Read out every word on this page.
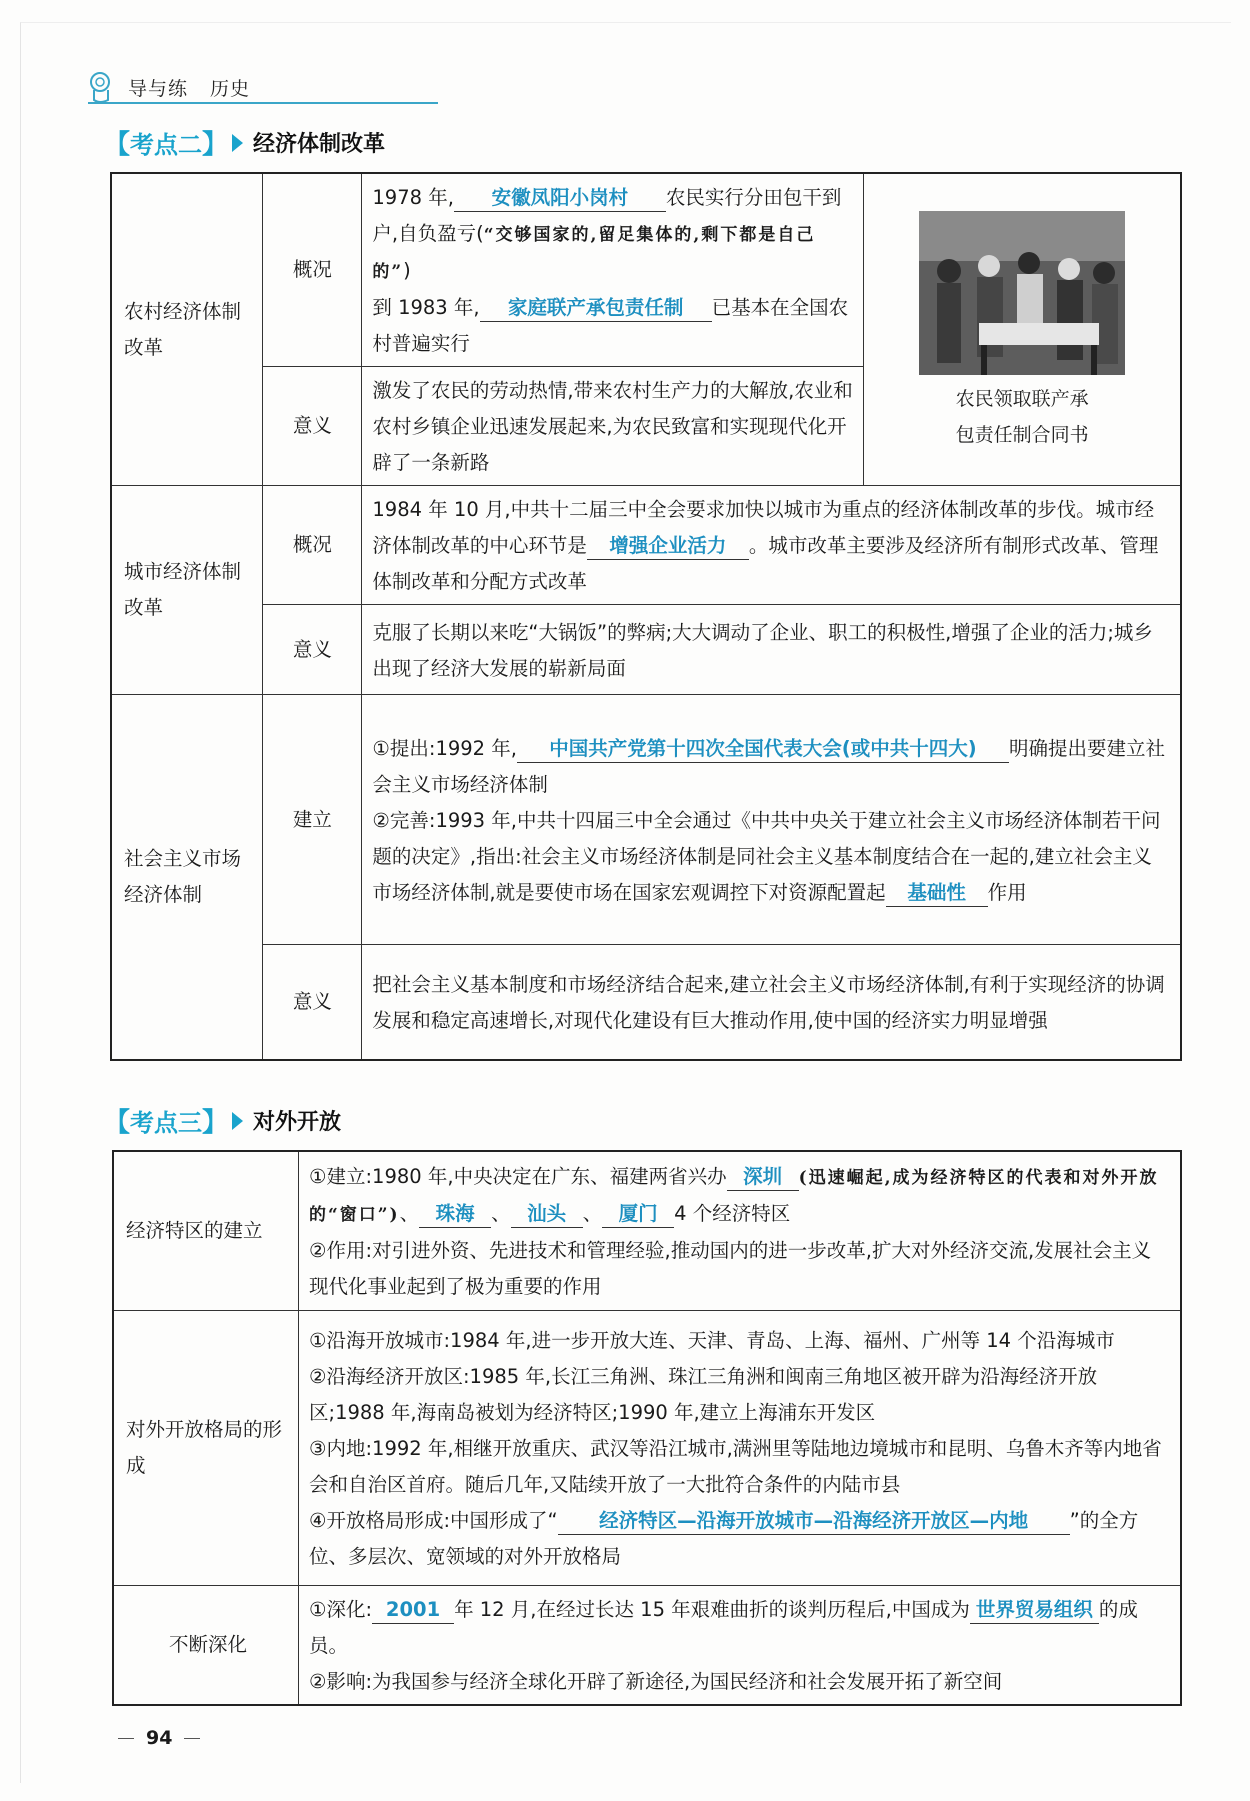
导与练 历史
【 考点二 】 经济体制改革
农村经济体制改革	概况	1978 年, 安徽凤阳小岗村 农民实行分田包干到户,自负盈亏(“交够国家的,留足集体的,剩下都是自己的”)
到 1983 年, 家庭联产承包责任制 已基本在全国农村普遍实行	农民领取联产承包责任制合同书

	意义	激发了农民的劳动热情,带来农村生产力的大解放,农业和农村乡镇企业迅速发展起来,为农民致富和实现现代化开辟了一条新路	
城市经济体制改革	概况	1984 年 10 月,中共十二届三中全会要求加快以城市为重点的经济体制改革的步伐。城市经济体制改革的中心环节是 增强企业活力 。城市改革主要涉及经济所有制形式改革、管理体制改革和分配方式改革	
	意义	克服了长期以来吃“大锅饭”的弊病;大大调动了企业、职工的积极性,增强了企业的活力;城乡出现了经济大发展的崭新局面	
社会主义市场经济体制	建立	①提出:1992 年, 中国共产党第十四次全国代表大会(或中共十四大) 明确提出要建立社会主义市场经济体制
②完善:1993 年,中共十四届三中全会通过《中共中央关于建立社会主义市场经济体制若干问题的决定》,指出:社会主义市场经济体制是同社会主义基本制度结合在一起的,建立社会主义市场经济体制,就是要使市场在国家宏观调控下对资源配置起 基础性 作用	
	意义	把社会主义基本制度和市场经济结合起来,建立社会主义市场经济体制,有利于实现经济的协调发展和稳定高速增长,对现代化建设有巨大推动作用,使中国的经济实力明显增强	
【 考点三 】 对外开放
经济特区的建立	①建立:1980 年,中央决定在广东、福建两省兴办 深圳 (迅速崛起,成为经济特区的代表和对外开放的“窗口”)、 珠海 、 汕头 、 厦门 4 个经济特区
②作用:对引进外资、先进技术和管理经验,推动国内的进一步改革,扩大对外经济交流,发展社会主义现代化事业起到了极为重要的作用
对外开放格局的形成	①沿海开放城市:1984 年,进一步开放大连、天津、青岛、上海、福州、广州等 14 个沿海城市
②沿海经济开放区:1985 年,长江三角洲、珠江三角洲和闽南三角地区被开辟为沿海经济开放区;1988 年,海南岛被划为经济特区;1990 年,建立上海浦东开发区
③内地:1992 年,相继开放重庆、武汉等沿江城市,满洲里等陆地边境城市和昆明、乌鲁木齐等内地省会和自治区首府。随后几年,又陆续开放了一大批符合条件的内陆市县
④开放格局形成:中国形成了“ 经济特区—沿海开放城市—沿海经济开放区—内地 ”的全方位、多层次、宽领域的对外开放格局
不断深化	①深化: 2001 年 12 月,在经过长达 15 年艰难曲折的谈判历程后,中国成为 世界贸易组织 的成员。
②影响:为我国参与经济全球化开辟了新途径,为国民经济和社会发展开拓了新空间
94
